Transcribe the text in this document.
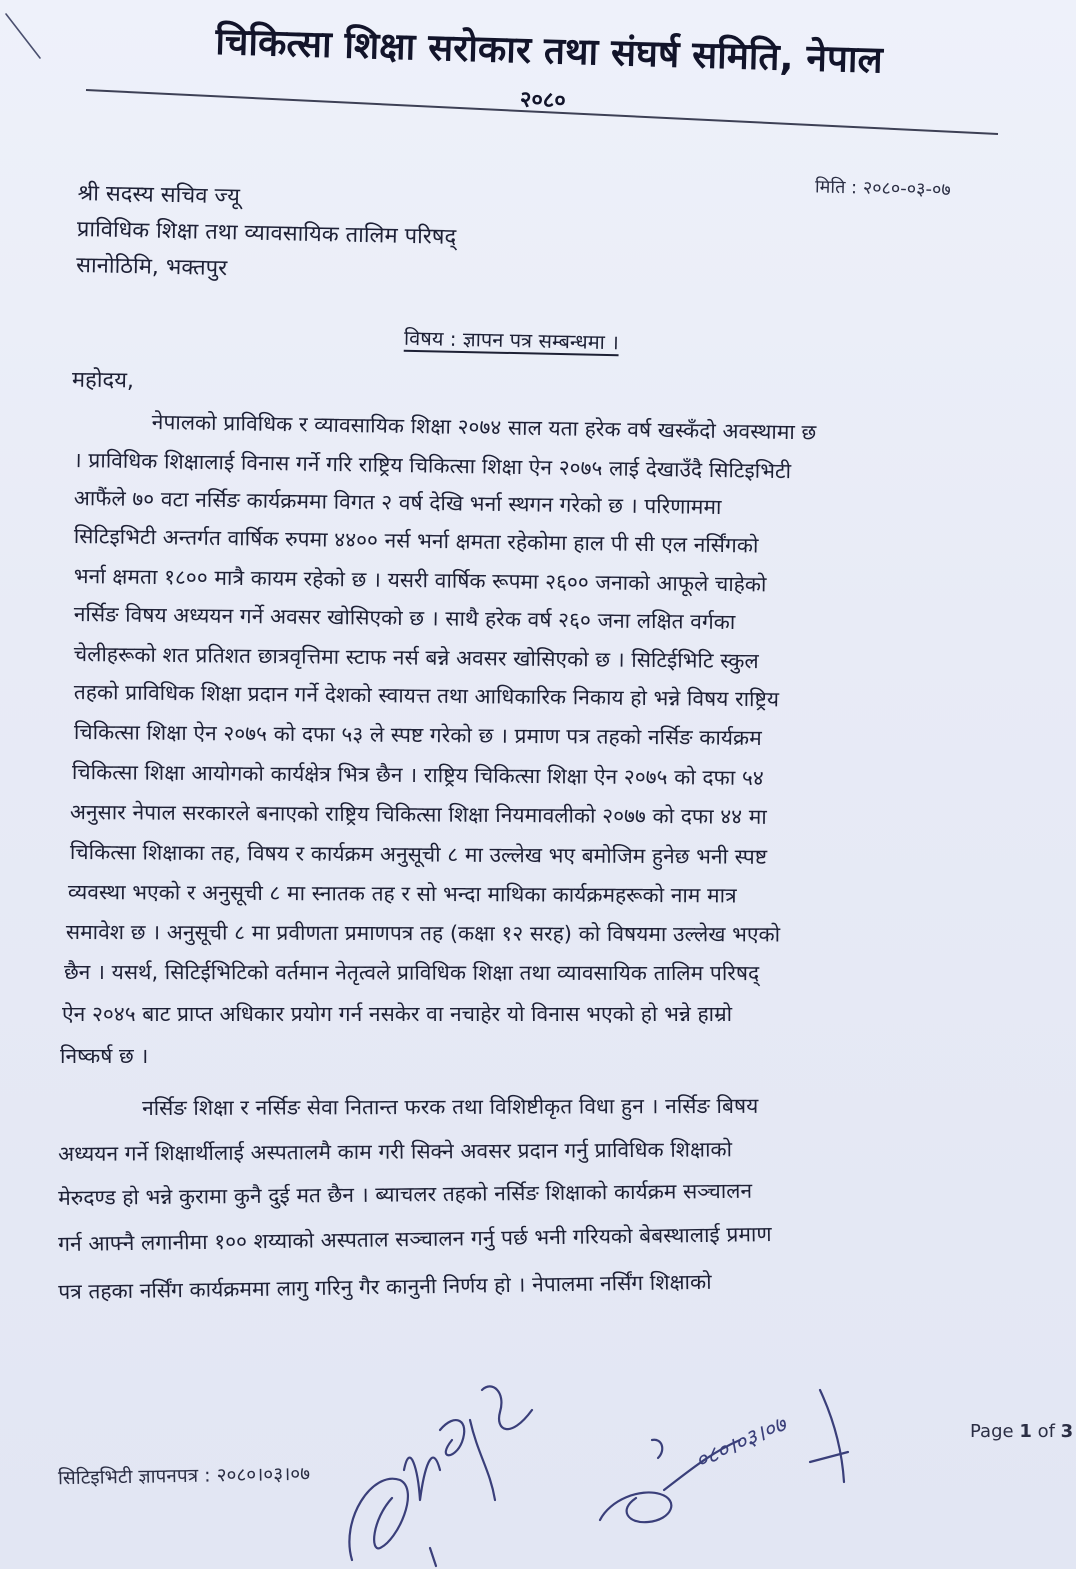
चिकित्सा शिक्षा सरोकार तथा संघर्ष समिति, नेपाल
२०८०
मिति : २०८०-०३-०७
श्री सदस्य सचिव ज्यू
प्राविधिक शिक्षा तथा व्यावसायिक तालिम परिषद्
सानोठिमि, भक्तपुर
विषय : ज्ञापन पत्र सम्बन्धमा ।
महोदय,
नेपालको प्राविधिक र व्यावसायिक शिक्षा २०७४ साल यता हरेक वर्ष खस्कँदो अवस्थामा छ
। प्राविधिक शिक्षालाई विनास गर्ने गरि राष्ट्रिय चिकित्सा शिक्षा ऐन २०७५ लाई देखाउँदै सिटिइभिटी
आफैंले ७० वटा नर्सिङ कार्यक्रममा विगत २ वर्ष देखि भर्ना स्थगन गरेको छ । परिणाममा
सिटिइभिटी अन्तर्गत वार्षिक रुपमा ४४०० नर्स भर्ना क्षमता रहेकोमा हाल पी सी एल नर्सिंगको
भर्ना क्षमता १८०० मात्रै कायम रहेको छ । यसरी वार्षिक रूपमा २६०० जनाको आफूले चाहेको
नर्सिङ विषय अध्ययन गर्ने अवसर खोसिएको छ । साथै हरेक वर्ष २६० जना लक्षित वर्गका
चेलीहरूको शत प्रतिशत छात्रवृत्तिमा स्टाफ नर्स बन्ने अवसर खोसिएको छ । सिटिईभिटि स्कुल
तहको प्राविधिक शिक्षा प्रदान गर्ने देशको स्वायत्त तथा आधिकारिक निकाय हो भन्ने विषय राष्ट्रिय
चिकित्सा शिक्षा ऐन २०७५ को दफा ५३ ले स्पष्ट गरेको छ । प्रमाण पत्र तहको नर्सिङ कार्यक्रम
चिकित्सा शिक्षा आयोगको कार्यक्षेत्र भित्र छैन । राष्ट्रिय चिकित्सा शिक्षा ऐन २०७५ को दफा ५४
अनुसार नेपाल सरकारले बनाएको राष्ट्रिय चिकित्सा शिक्षा नियमावलीको २०७७ को दफा ४४ मा
चिकित्सा शिक्षाका तह, विषय र कार्यक्रम अनुसूची ८ मा उल्लेख भए बमोजिम हुनेछ भनी स्पष्ट
व्यवस्था भएको र अनुसूची ८ मा स्नातक तह र सो भन्दा माथिका कार्यक्रमहरूको नाम मात्र
समावेश छ । अनुसूची ८ मा प्रवीणता प्रमाणपत्र तह (कक्षा १२ सरह) को विषयमा उल्लेख भएको
छैन । यसर्थ, सिटिईभिटिको वर्तमान नेतृत्वले प्राविधिक शिक्षा तथा व्यावसायिक तालिम परिषद्
ऐन २०४५ बाट प्राप्त अधिकार प्रयोग गर्न नसकेर वा नचाहेर यो विनास भएको हो भन्ने हाम्रो
निष्कर्ष छ ।
नर्सिङ शिक्षा र नर्सिङ सेवा नितान्त फरक तथा विशिष्टीकृत विधा हुन । नर्सिङ बिषय
अध्ययन गर्ने शिक्षार्थीलाई अस्पतालमै काम गरी सिक्ने अवसर प्रदान गर्नु प्राविधिक शिक्षाको
मेरुदण्ड हो भन्ने कुरामा कुनै दुई मत छैन । ब्याचलर तहको नर्सिङ शिक्षाको कार्यक्रम सञ्चालन
गर्न आफ्नै लगानीमा १०० शय्याको अस्पताल सञ्चालन गर्नु पर्छ भनी गरियको बेबस्थालाई प्रमाण
पत्र तहका नर्सिंग कार्यक्रममा लागु गरिनु गैर कानुनी निर्णय हो । नेपालमा नर्सिंग शिक्षाको
सिटिइभिटी ज्ञापनपत्र : २०८०।०३।०७
Page 1 of 3
०८०।०३।०७
